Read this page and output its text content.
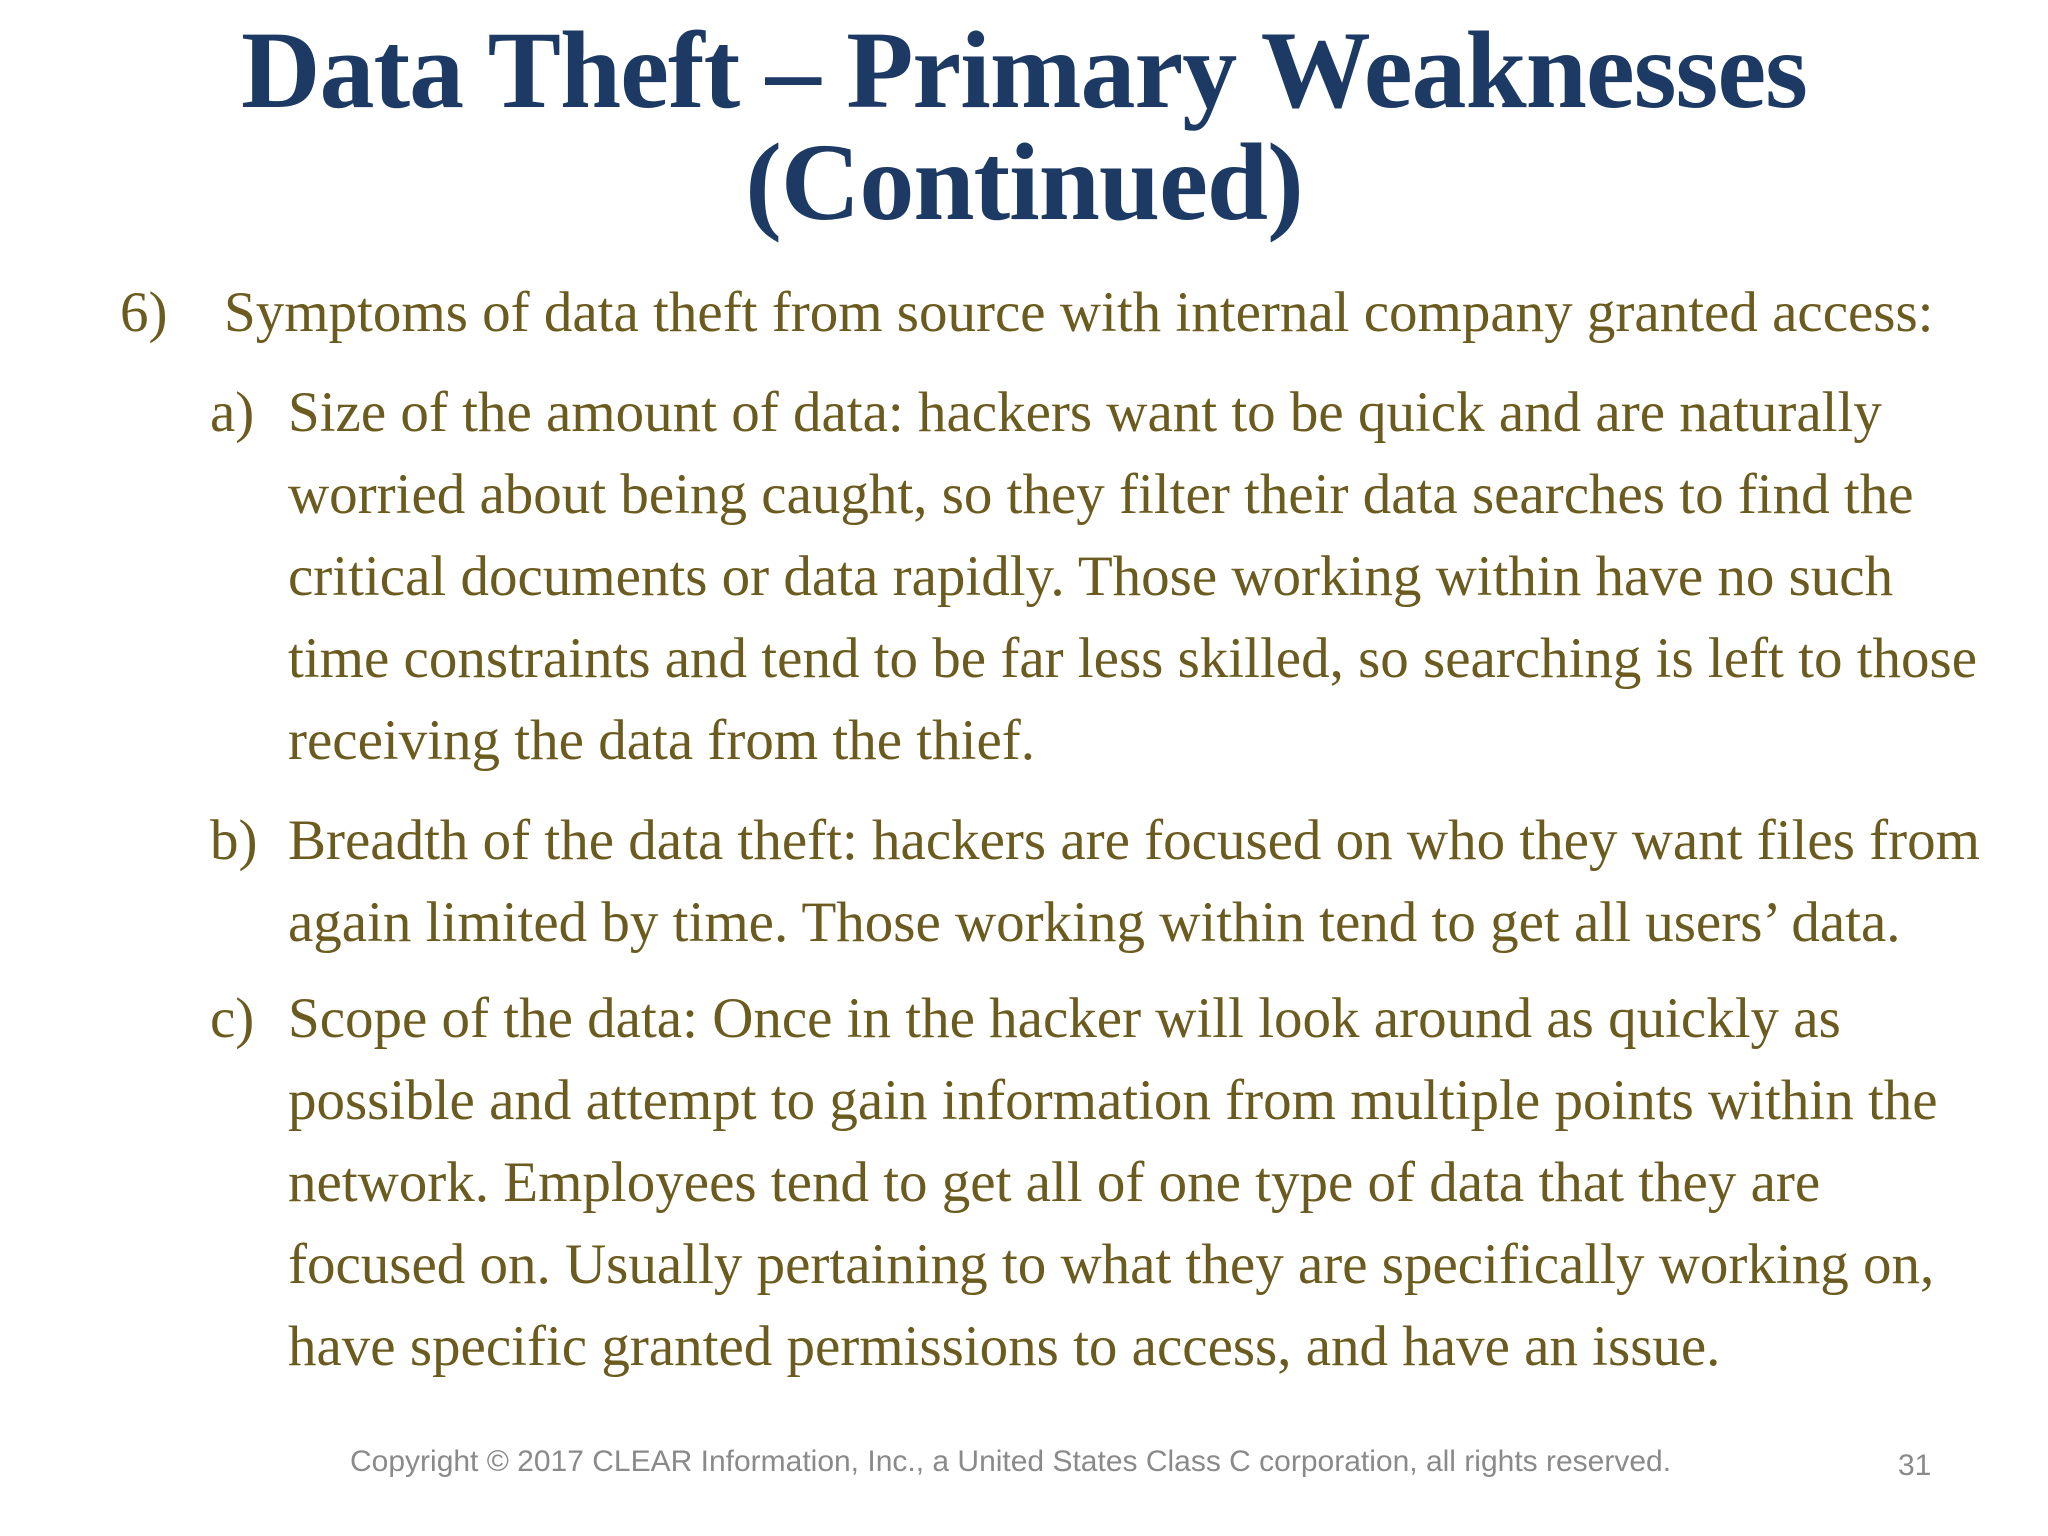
Data Theft – Primary Weaknesses
(Continued)
6) Symptoms of data theft from source with internal company granted access:
a) Size of the amount of data: hackers want to be quick and are naturally
worried about being caught, so they filter their data searches to find the
critical documents or data rapidly. Those working within have no such
time constraints and tend to be far less skilled, so searching is left to those
receiving the data from the thief.
b) Breadth of the data theft: hackers are focused on who they want files from
again limited by time. Those working within tend to get all users’ data.
c) Scope of the data: Once in the hacker will look around as quickly as
possible and attempt to gain information from multiple points within the
network. Employees tend to get all of one type of data that they are
focused on. Usually pertaining to what they are specifically working on,
have specific granted permissions to access, and have an issue.
Copyright © 2017 CLEAR Information, Inc., a United States Class C corporation, all rights reserved.	31
